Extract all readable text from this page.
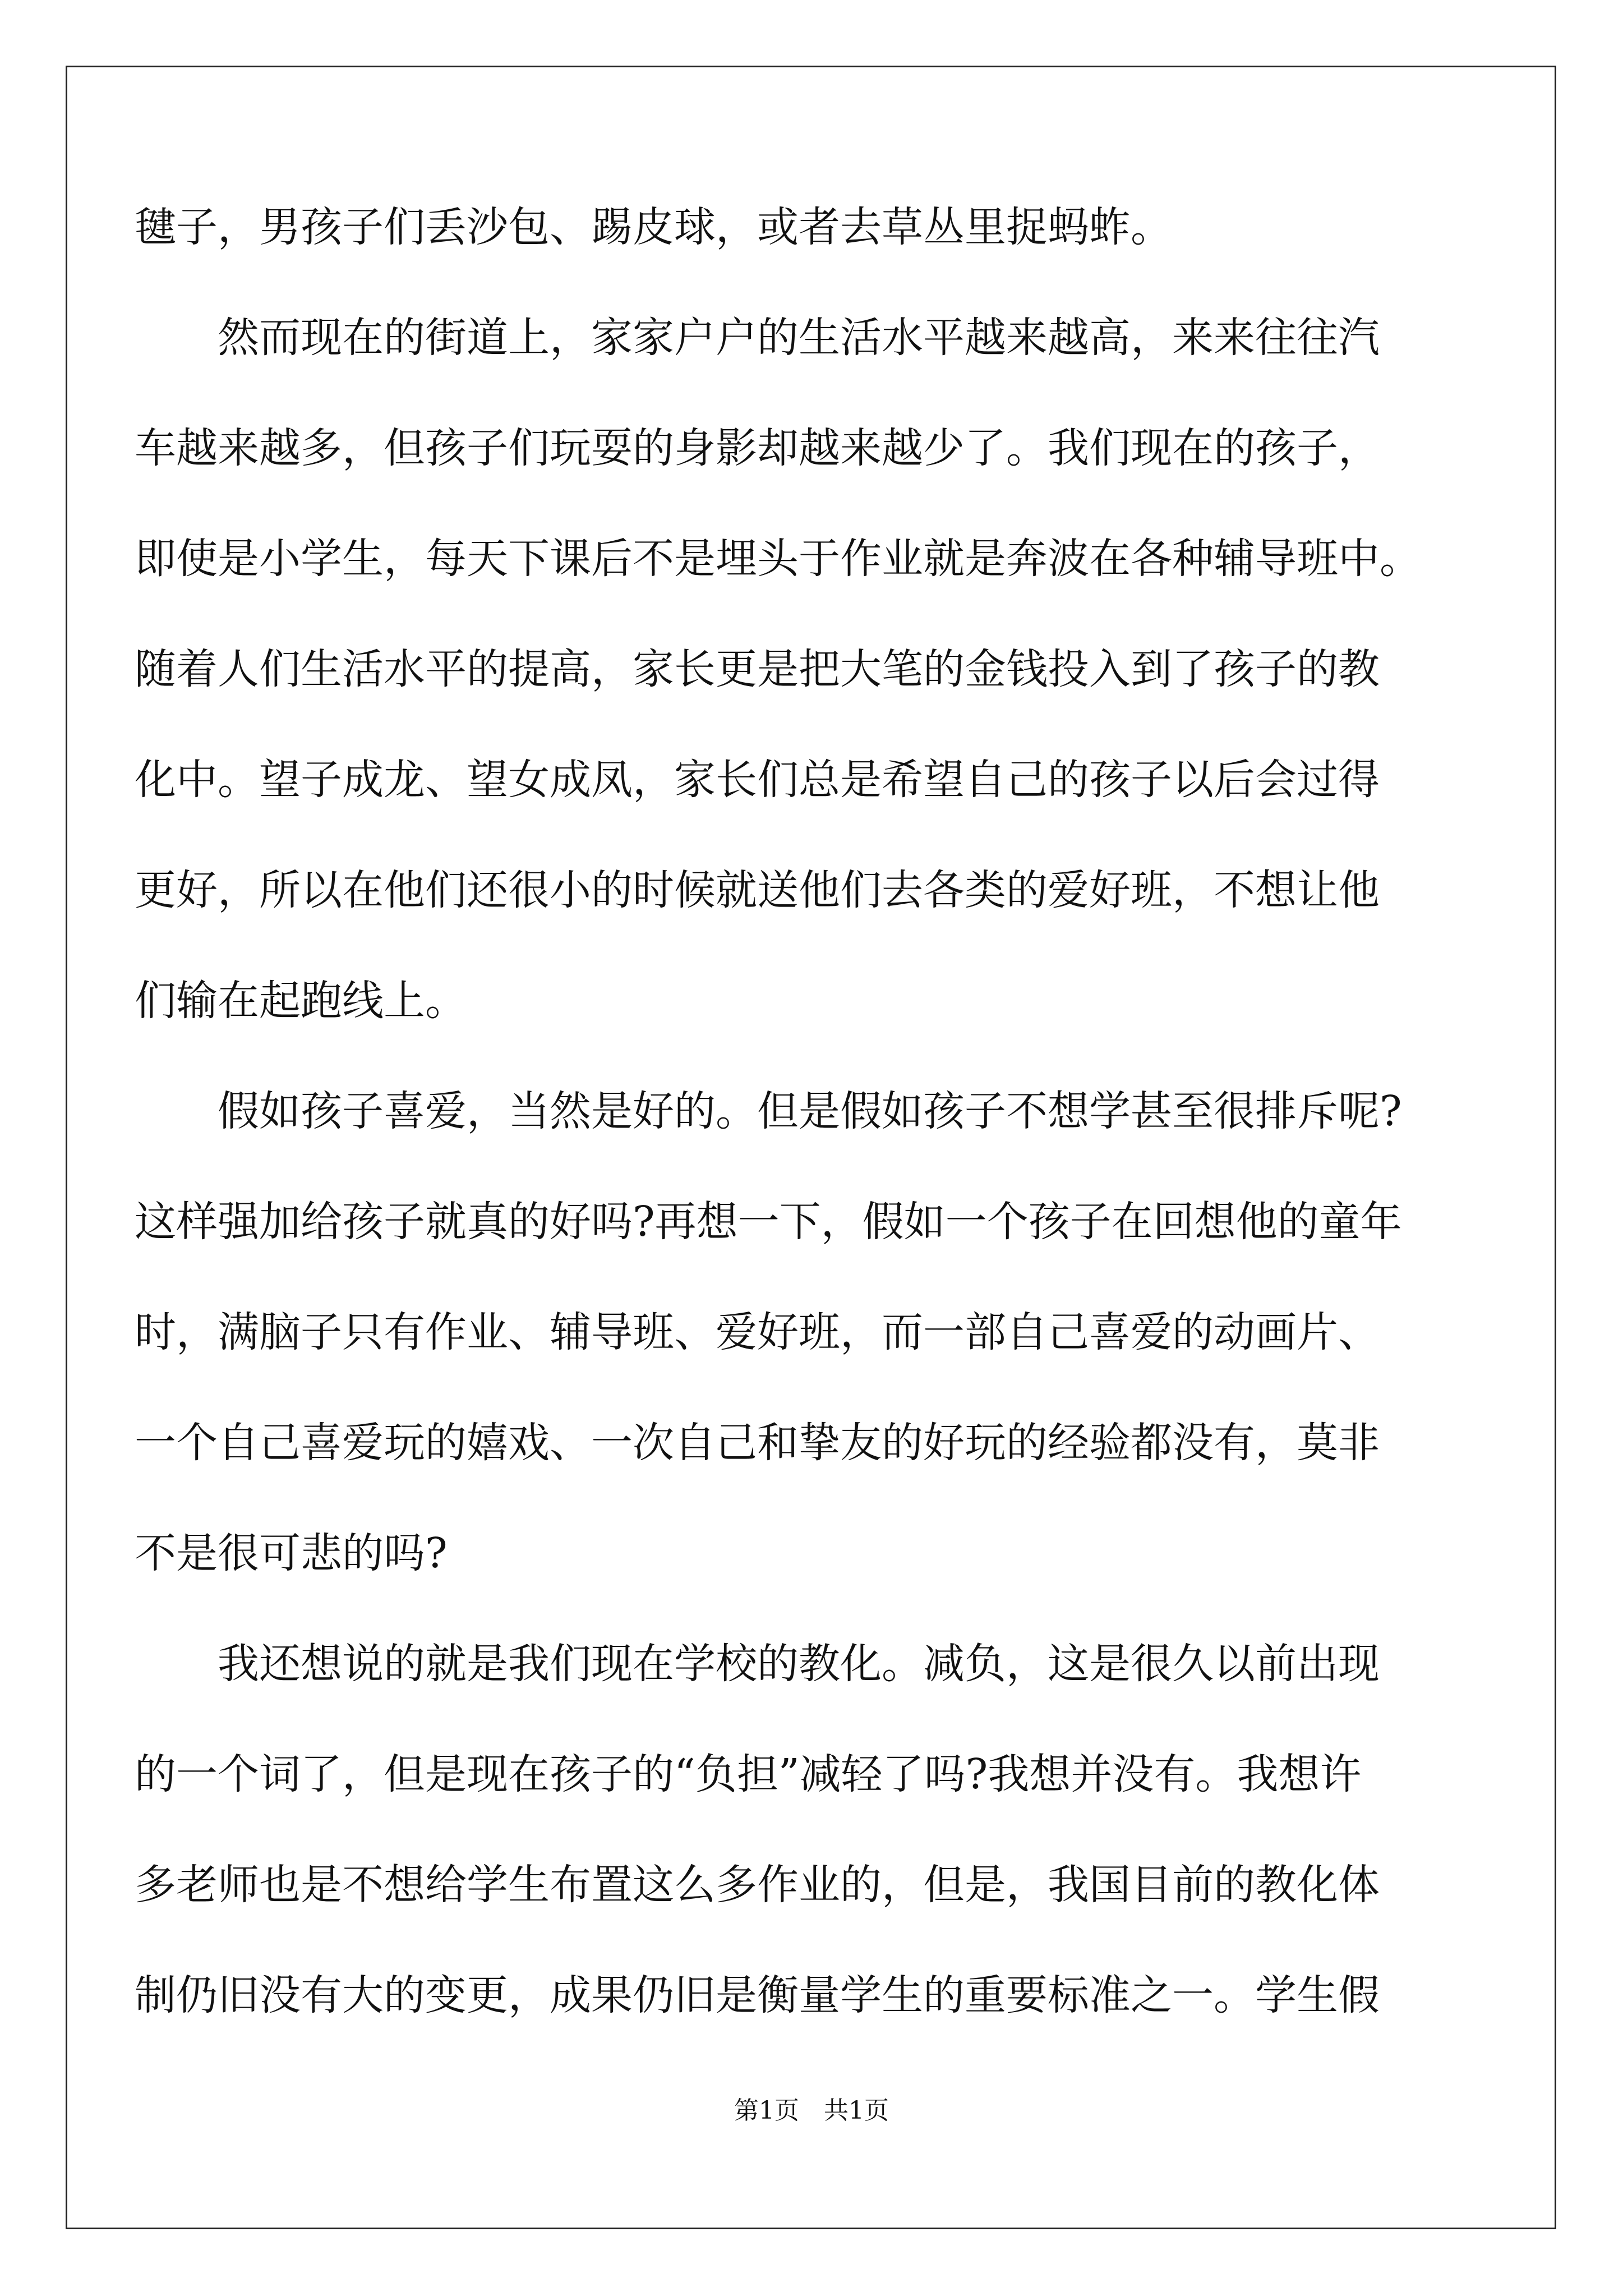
毽子，男孩子们丢沙包、踢皮球，或者去草丛里捉蚂蚱。
然而现在的街道上，家家户户的生活水平越来越高，来来往往汽
车越来越多，但孩子们玩耍的身影却越来越少了。我们现在的孩子，
即使是小学生，每天下课后不是埋头于作业就是奔波在各种辅导班中。
随着人们生活水平的提高，家长更是把大笔的金钱投入到了孩子的教
化中。望子成龙、望女成凤，家长们总是希望自己的孩子以后会过得
更好，所以在他们还很小的时候就送他们去各类的爱好班，不想让他
们输在起跑线上。
假如孩子喜爱，当然是好的。但是假如孩子不想学甚至很排斥呢?
这样强加给孩子就真的好吗?再想一下，假如一个孩子在回想他的童年
时，满脑子只有作业、辅导班、爱好班，而一部自己喜爱的动画片、
一个自己喜爱玩的嬉戏、一次自己和挚友的好玩的经验都没有，莫非
不是很可悲的吗?
我还想说的就是我们现在学校的教化。减负，这是很久以前出现
的一个词了，但是现在孩子的“负担”减轻了吗?我想并没有。我想许
多老师也是不想给学生布置这么多作业的，但是，我国目前的教化体
制仍旧没有大的变更，成果仍旧是衡量学生的重要标准之一。学生假
第1页 共1页
